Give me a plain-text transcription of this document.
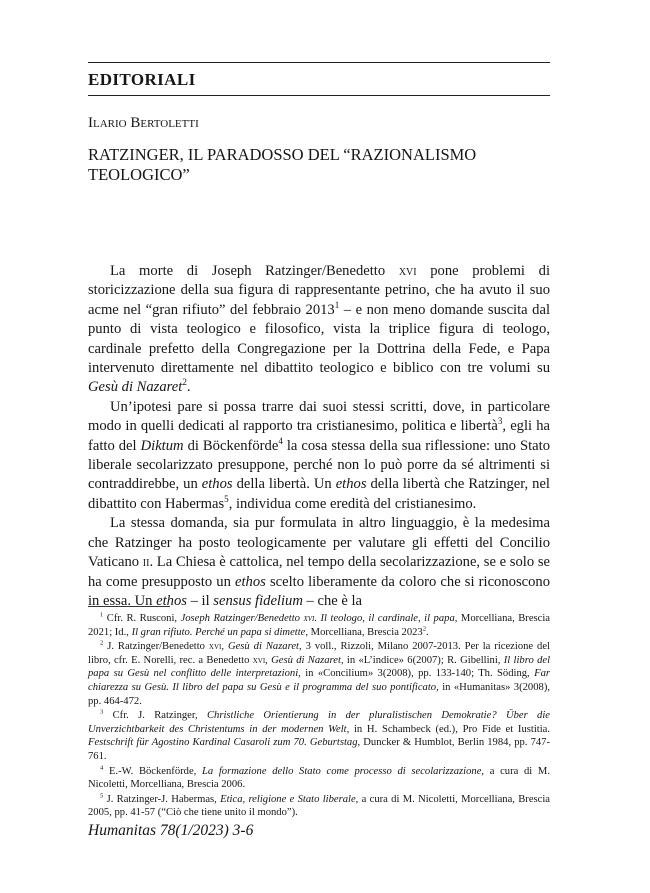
EDITORIALI

Ilario Bertoletti

RATZINGER, IL PARADOSSO DEL “RAZIONALISMO TEOLOGICO”

La morte di Joseph Ratzinger/Benedetto xvi pone problemi di storicizzazione della sua figura di rappresentante petrino, che ha avuto il suo acme nel “gran rifiuto” del febbraio 2013$^1$ – e non meno domande suscita dal punto di vista teologico e filosofico, vista la triplice figura di teologo, cardinale prefetto della Congregazione per la Dottrina della Fede, e Papa intervenuto direttamente nel dibattito teologico e biblico con tre volumi su Gesù di Nazaret$^2$.

Un’ipotesi pare si possa trarre dai suoi stessi scritti, dove, in particolare modo in quelli dedicati al rapporto tra cristianesimo, politica e libertà$^3$, egli ha fatto del Diktum di Böckenförde$^4$ la cosa stessa della sua riflessione: uno Stato liberale secolarizzato presuppone, perché non lo può porre da sé altrimenti si contraddirebbe, un ethos della libertà. Un ethos della libertà che Ratzinger, nel dibattito con Habermas$^5$, individua come eredità del cristianesimo.

La stessa domanda, sia pur formulata in altro linguaggio, è la medesima che Ratzinger ha posto teologicamente per valutare gli effetti del Concilio Vaticano ii. La Chiesa è cattolica, nel tempo della secolarizzazione, se e solo se ha come presupposto un ethos scelto liberamente da coloro che si riconoscono in essa. Un ethos – il sensus fidelium – che è la

$^1$ Cfr. R. Rusconi, Joseph Ratzinger/Benedetto xvi. Il teologo, il cardinale, il papa, Morcelliana, Brescia 2021; Id., Il gran rifiuto. Perché un papa si dimette, Morcelliana, Brescia 2023$^2$.

$^2$ J. Ratzinger/Benedetto xvi, Gesù di Nazaret, 3 voll., Rizzoli, Milano 2007-2013. Per la ricezione del libro, cfr. E. Norelli, rec. a Benedetto xvi, Gesù di Nazaret, in «L’indice» 6(2007); R. Gibellini, Il libro del papa su Gesù nel conflitto delle interpretazioni, in «Concilium» 3(2008), pp. 133-140; Th. Söding, Far chiarezza su Gesù. Il libro del papa su Gesù e il programma del suo pontificato, in «Humanitas» 3(2008), pp. 464-472.

$^3$ Cfr. J. Ratzinger, Christliche Orientierung in der pluralistischen Demokratie? Über die Unverzichtbarkeit des Christentums in der modernen Welt, in H. Schambeck (ed.), Pro Fide et Iustitia. Festschrift für Agostino Kardinal Casaroli zum 70. Geburtstag, Duncker & Humblot, Berlin 1984, pp. 747-761.

$^4$ E.-W. Böckenförde, La formazione dello Stato come processo di secolarizzazione, a cura di M. Nicoletti, Morcelliana, Brescia 2006.

$^5$ J. Ratzinger-J. Habermas, Etica, religione e Stato liberale, a cura di M. Nicoletti, Morcelliana, Brescia 2005, pp. 41-57 (“Ciò che tiene unito il mondo”).

Humanitas 78(1/2023) 3-6
